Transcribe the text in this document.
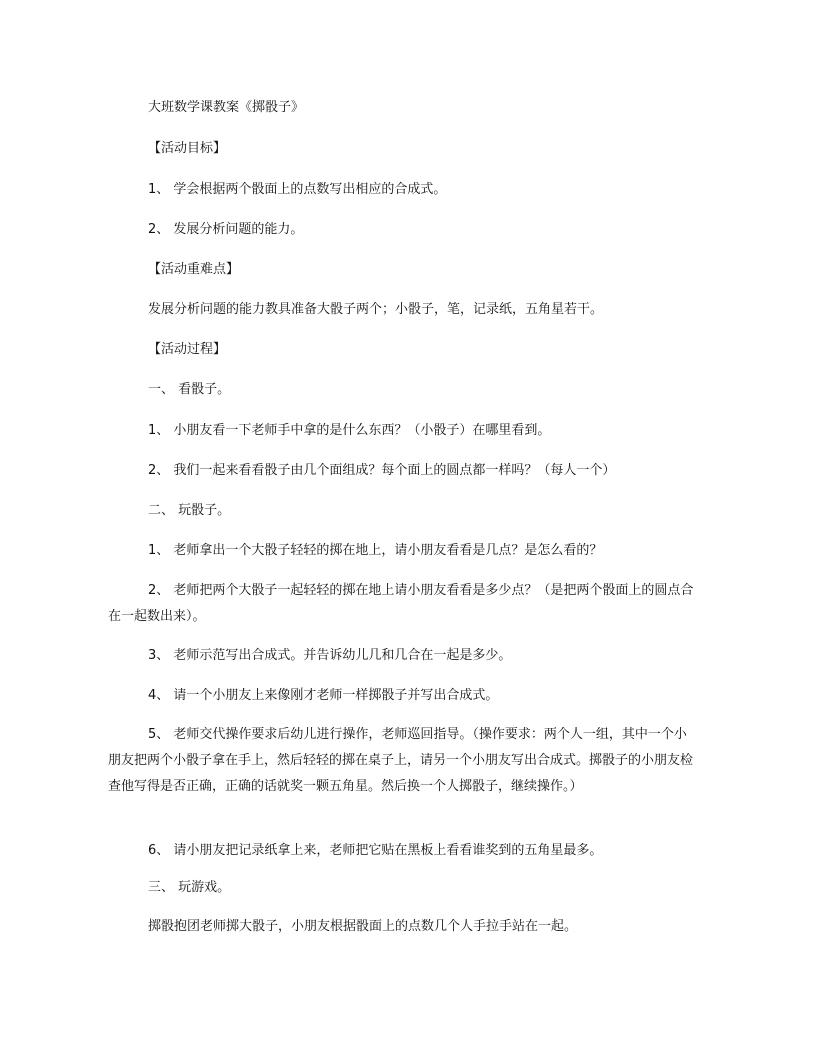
大班数学课教案《掷骰子》

【活动目标】

1、 学会根据两个骰面上的点数写出相应的合成式。

2、 发展分析问题的能力。

【活动重难点】

发展分析问题的能力教具准备大骰子两个；小骰子，笔，记录纸，五角星若干。

【活动过程】

一、 看骰子。

1、 小朋友看一下老师手中拿的是什么东西？（小骰子）在哪里看到。

2、 我们一起来看看骰子由几个面组成？每个面上的圆点都一样吗？（每人一个）

二、 玩骰子。

1、 老师拿出一个大骰子轻轻的掷在地上，请小朋友看看是几点？是怎么看的？

2、 老师把两个大骰子一起轻轻的掷在地上请小朋友看看是多少点？（是把两个骰面上的圆点合在一起数出来）。

3、 老师示范写出合成式。并告诉幼儿几和几合在一起是多少。

4、 请一个小朋友上来像刚才老师一样掷骰子并写出合成式。

5、 老师交代操作要求后幼儿进行操作，老师巡回指导。（操作要求：两个人一组，其中一个小朋友把两个小骰子拿在手上，然后轻轻的掷在桌子上，请另一个小朋友写出合成式。掷骰子的小朋友检查他写得是否正确，正确的话就奖一颗五角星。然后换一个人掷骰子，继续操作。）

6、 请小朋友把记录纸拿上来，老师把它贴在黑板上看看谁奖到的五角星最多。

三、 玩游戏。

掷骰抱团老师掷大骰子，小朋友根据骰面上的点数几个人手拉手站在一起。
